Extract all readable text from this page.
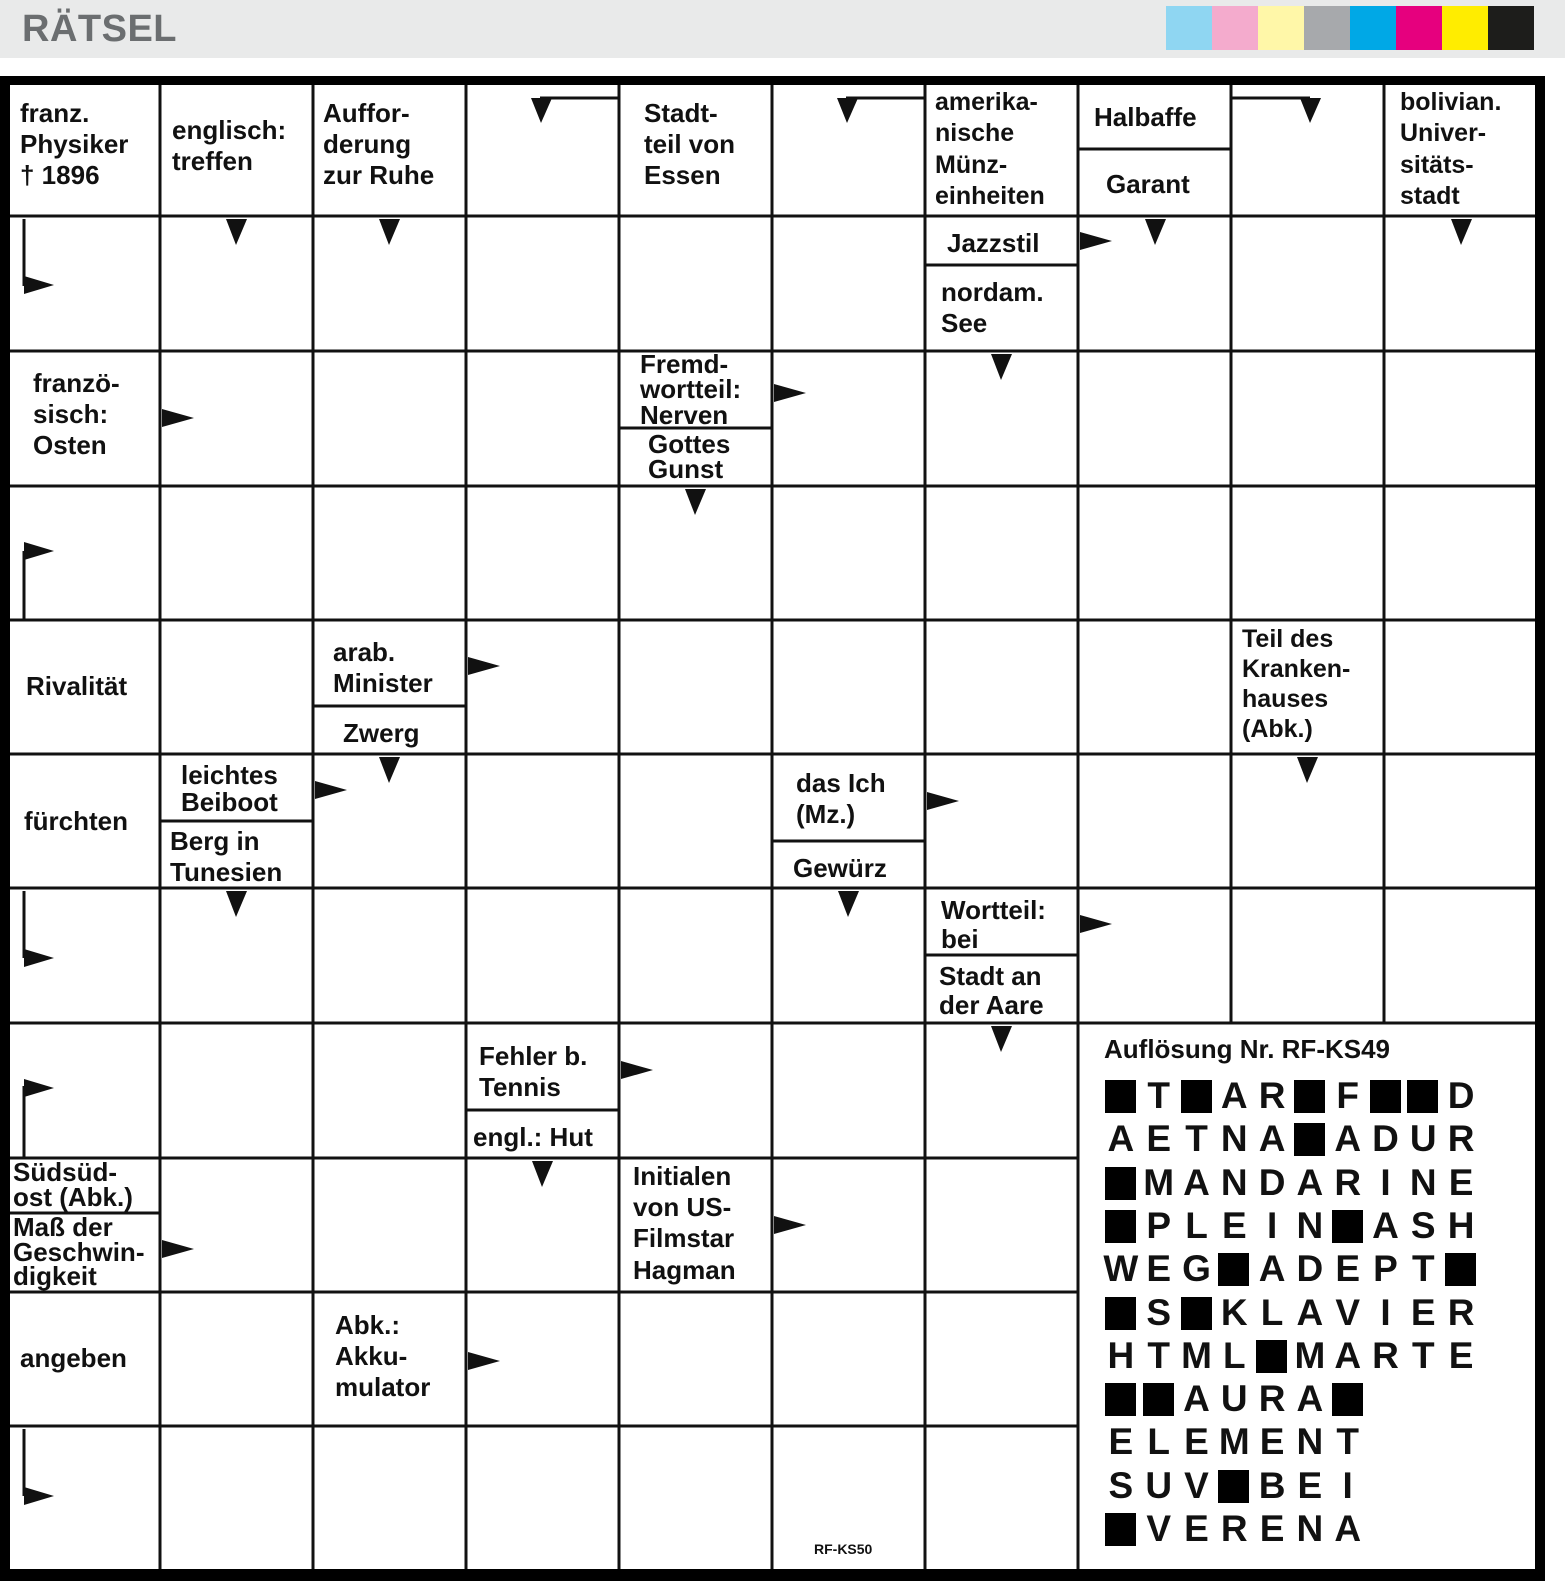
RÄTSEL
franz.
Physiker
† 1896
englisch:
treffen
Auffor-
derung
zur Ruhe
Stadt-
teil von
Essen
amerika-
nische
Münz-
einheiten
Halbaffe
Garant
bolivian.
Univer-
sitäts-
stadt
Jazzstil
nordam.
See
franzö-
sisch:
Osten
Fremd-
wortteil:
Nerven
Gottes
Gunst
Rivalität
arab.
Minister
Zwerg
Teil des
Kranken-
hauses
(Abk.)
fürchten
leichtes
Beiboot
Berg in
Tunesien
das Ich
(Mz.)
Gewürz
Wortteil:
bei
Stadt an
der Aare
Fehler b.
Tennis
engl.: Hut
Südsüd-
ost (Abk.)
Maß der
Geschwin-
digkeit
Initialen
von US-
Filmstar
Hagman
angeben
Abk.:
Akku-
mulator
Auflösung Nr. RF-KS49
T A R F D
A E T N A A D U R
M A N D A R I N E
P L E I N A S H
W E G A D E P T
S K L A V I E R
H T M L M A R T E
A U R A
E L E M E N T
S U V B E I
V E R E N A
RF-KS50
